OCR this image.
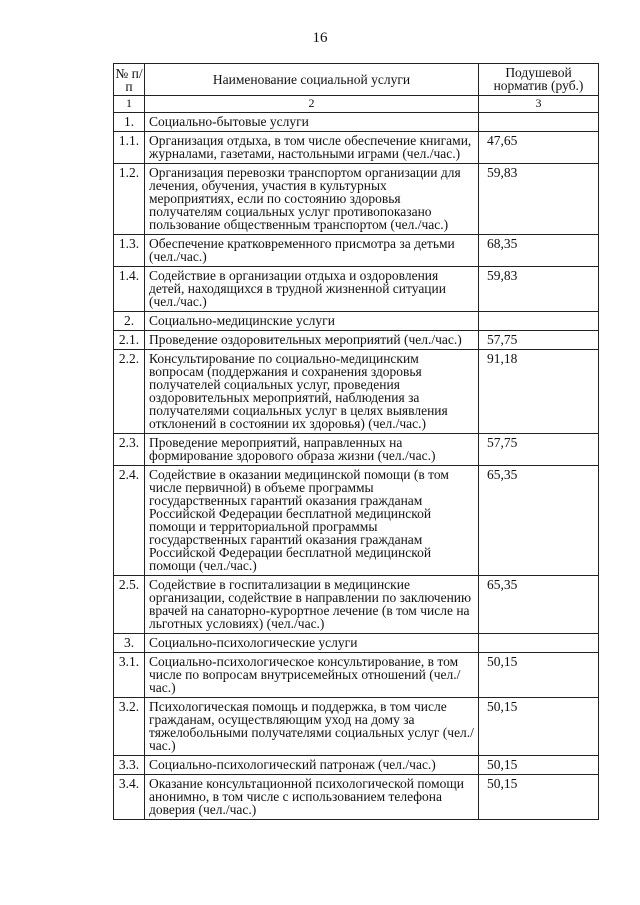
16
№ п/п	Наименование социальной услуги	Подушевой норматив (руб.)
1	2	3
1.	Социально-бытовые услуги	
1.1.	Организация отдыха, в том числе обеспечение книгами, журналами, газетами, настольными играми (чел./час.)	47,65
1.2.	Организация перевозки транспортом организации для лечения, обучения, участия в культурных мероприятиях, если по состоянию здоровья получателям социальных услуг противопоказано пользование общественным транспортом (чел./час.)	59,83
1.3.	Обеспечение кратковременного присмотра за детьми (чел./час.)	68,35
1.4.	Содействие в организации отдыха и оздоровления детей, находящихся в трудной жизненной ситуации (чел./час.)	59,83
2.	Социально-медицинские услуги	
2.1.	Проведение оздоровительных мероприятий (чел./час.)	57,75
2.2.	Консультирование по социально-медицинским вопросам (поддержания и сохранения здоровья получателей социальных услуг, проведения оздоровительных мероприятий, наблюдения за получателями социальных услуг в целях выявления отклонений в состоянии их здоровья) (чел./час.)	91,18
2.3.	Проведение мероприятий, направленных на формирование здорового образа жизни (чел./час.)	57,75
2.4.	Содействие в оказании медицинской помощи (в том числе первичной) в объеме программы государственных гарантий оказания гражданам Российской Федерации бесплатной медицинской помощи и территориальной программы государственных гарантий оказания гражданам Российской Федерации бесплатной медицинской помощи (чел./час.)	65,35
2.5.	Содействие в госпитализации в медицинские организации, содействие в направлении по заключению врачей на санаторно-курортное лечение (в том числе на льготных условиях) (чел./час.)	65,35
3.	Социально-психологические услуги	
3.1.	Социально-психологическое консультирование, в том числе по вопросам внутрисемейных отношений (чел./час.)	50,15
3.2.	Психологическая помощь и поддержка, в том числе гражданам, осуществляющим уход на дому за тяжелобольными получателями социальных услуг (чел./час.)	50,15
3.3.	Социально-психологический патронаж (чел./час.)	50,15
3.4.	Оказание консультационной психологической помощи анонимно, в том числе с использованием телефона доверия (чел./час.)	50,15
